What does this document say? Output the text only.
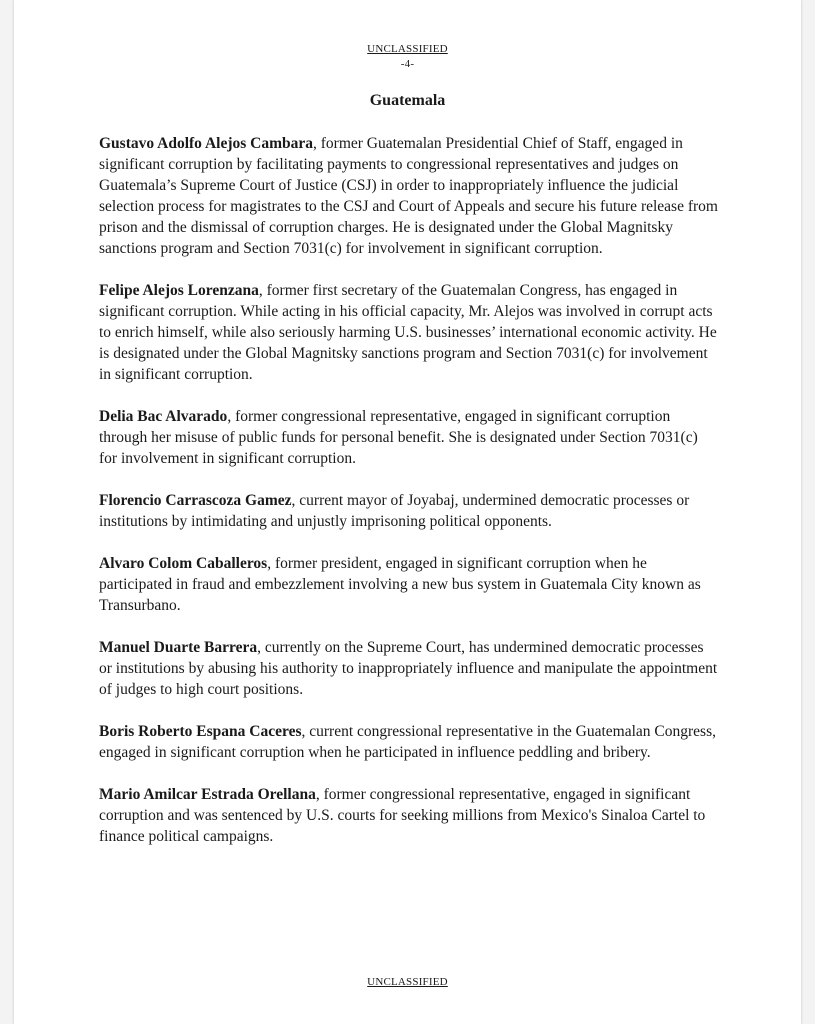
UNCLASSIFIED
-4-
Guatemala

Gustavo Adolfo Alejos Cambara, former Guatemalan Presidential Chief of Staff, engaged in significant corruption by facilitating payments to congressional representatives and judges on Guatemala’s Supreme Court of Justice (CSJ) in order to inappropriately influence the judicial selection process for magistrates to the CSJ and Court of Appeals and secure his future release from prison and the dismissal of corruption charges. He is designated under the Global Magnitsky sanctions program and Section 7031(c) for involvement in significant corruption.

Felipe Alejos Lorenzana, former first secretary of the Guatemalan Congress, has engaged in significant corruption. While acting in his official capacity, Mr. Alejos was involved in corrupt acts to enrich himself, while also seriously harming U.S. businesses’ international economic activity. He is designated under the Global Magnitsky sanctions program and Section 7031(c) for involvement in significant corruption.

Delia Bac Alvarado, former congressional representative, engaged in significant corruption through her misuse of public funds for personal benefit. She is designated under Section 7031(c) for involvement in significant corruption.

Florencio Carrascoza Gamez, current mayor of Joyabaj, undermined democratic processes or institutions by intimidating and unjustly imprisoning political opponents.

Alvaro Colom Caballeros, former president, engaged in significant corruption when he participated in fraud and embezzlement involving a new bus system in Guatemala City known as Transurbano.

Manuel Duarte Barrera, currently on the Supreme Court, has undermined democratic processes or institutions by abusing his authority to inappropriately influence and manipulate the appointment of judges to high court positions.

Boris Roberto Espana Caceres, current congressional representative in the Guatemalan Congress, engaged in significant corruption when he participated in influence peddling and bribery.

Mario Amilcar Estrada Orellana, former congressional representative, engaged in significant corruption and was sentenced by U.S. courts for seeking millions from Mexico's Sinaloa Cartel to finance political campaigns.

UNCLASSIFIED
